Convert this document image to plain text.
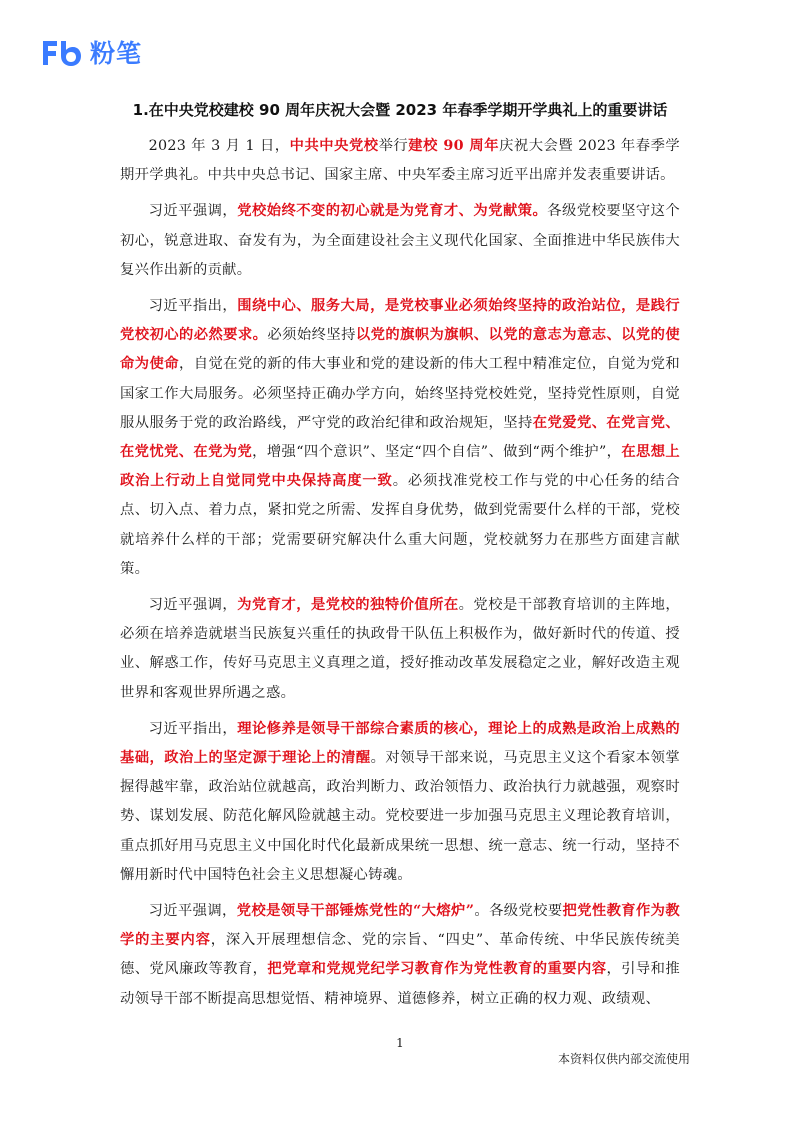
粉笔
1.在中央党校建校 90 周年庆祝大会暨 2023 年春季学期开学典礼上的重要讲话

2023 年 3 月 1 日，中共中央党校举行建校 90 周年庆祝大会暨 2023 年春季学期开学典礼。中共中央总书记、国家主席、中央军委主席习近平出席并发表重要讲话。

习近平强调，党校始终不变的初心就是为党育才、为党献策。各级党校要坚守这个初心，锐意进取、奋发有为，为全面建设社会主义现代化国家、全面推进中华民族伟大复兴作出新的贡献。

习近平指出，围绕中心、服务大局，是党校事业必须始终坚持的政治站位，是践行党校初心的必然要求。必须始终坚持以党的旗帜为旗帜、以党的意志为意志、以党的使命为使命，自觉在党的新的伟大事业和党的建设新的伟大工程中精准定位，自觉为党和国家工作大局服务。必须坚持正确办学方向，始终坚持党校姓党，坚持党性原则，自觉服从服务于党的政治路线，严守党的政治纪律和政治规矩，坚持在党爱党、在党言党、在党忧党、在党为党，增强“四个意识”、坚定“四个自信”、做到“两个维护”，在思想上政治上行动上自觉同党中央保持高度一致。必须找准党校工作与党的中心任务的结合点、切入点、着力点，紧扣党之所需、发挥自身优势，做到党需要什么样的干部，党校就培养什么样的干部；党需要研究解决什么重大问题，党校就努力在那些方面建言献策。

习近平强调，为党育才，是党校的独特价值所在。党校是干部教育培训的主阵地，必须在培养造就堪当民族复兴重任的执政骨干队伍上积极作为，做好新时代的传道、授业、解惑工作，传好马克思主义真理之道，授好推动改革发展稳定之业，解好改造主观世界和客观世界所遇之惑。

习近平指出，理论修养是领导干部综合素质的核心，理论上的成熟是政治上成熟的基础，政治上的坚定源于理论上的清醒。对领导干部来说，马克思主义这个看家本领掌握得越牢靠，政治站位就越高，政治判断力、政治领悟力、政治执行力就越强，观察时势、谋划发展、防范化解风险就越主动。党校要进一步加强马克思主义理论教育培训，重点抓好用马克思主义中国化时代化最新成果统一思想、统一意志、统一行动，坚持不懈用新时代中国特色社会主义思想凝心铸魂。

习近平强调，党校是领导干部锤炼党性的“大熔炉”。各级党校要把党性教育作为教学的主要内容，深入开展理想信念、党的宗旨、“四史”、革命传统、中华民族传统美德、党风廉政等教育，把党章和党规党纪学习教育作为党性教育的重要内容，引导和推动领导干部不断提高思想觉悟、精神境界、道德修养，树立正确的权力观、政绩观、

1
本资料仅供内部交流使用
